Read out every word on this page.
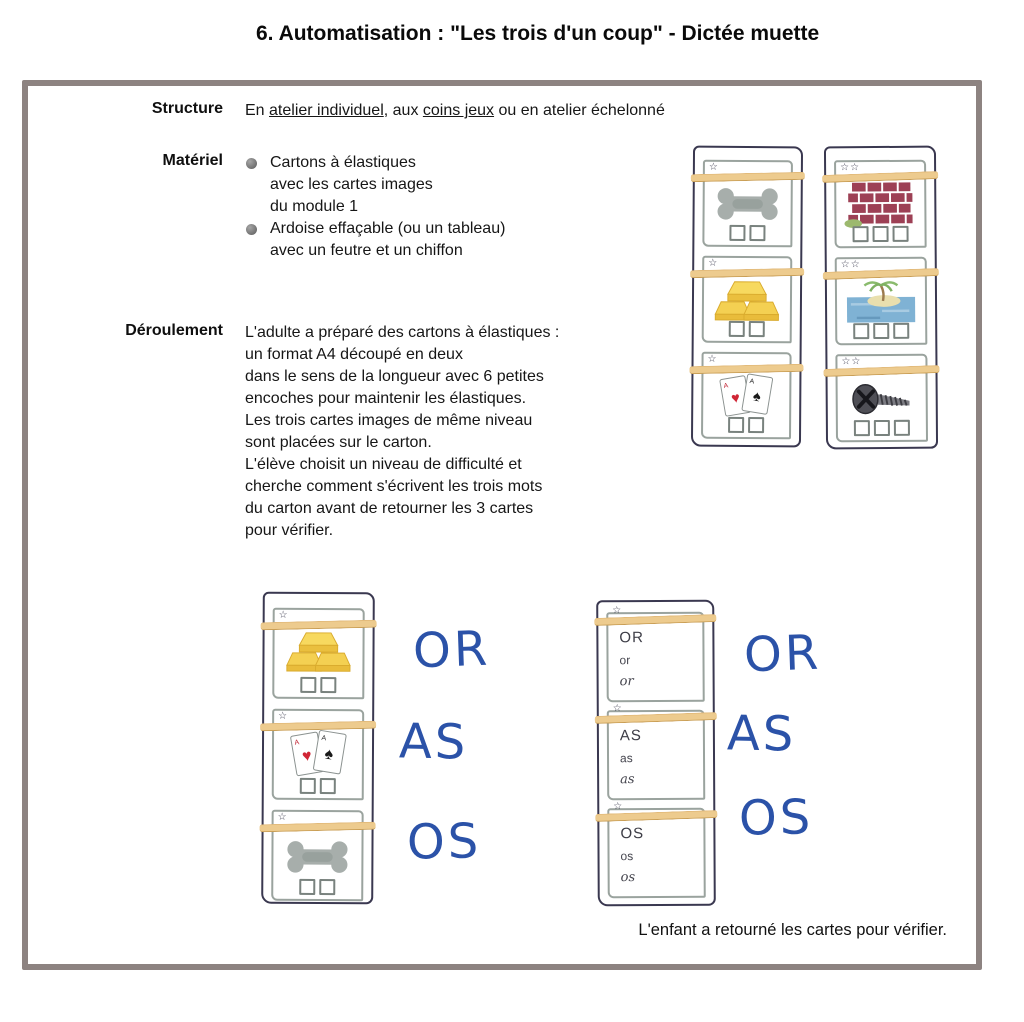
6. Automatisation : "Les trois d'un coup" - Dictée muette
Structure En atelier individuel, aux coins jeux ou en atelier échelonné
Matériel	Cartons à élastiques
avec les cartes images
du module 1
Ardoise effaçable (ou un tableau)
avec un feutre et un chiffon
Déroulement L'adulte a préparé des cartons à élastiques :
un format A4 découpé en deux
dans le sens de la longueur avec 6 petites
encoches pour maintenir les élastiques.
Les trois cartes images de même niveau
sont placées sur le carton.
L'élève choisit un niveau de difficulté et
cherche comment s'écrivent les trois mots
du carton avant de retourner les 3 cartes
pour vérifier.
☆
☆
☆
A
♥
A
♠
☆☆
☆☆
☆☆
☆
☆
A
♥
A
♠
☆
OR
AS
OS
☆
OR
or
or
☆
AS
as
as
☆
OS
os
os
OR
AS
OS
L'enfant a retourné les cartes pour vérifier.
